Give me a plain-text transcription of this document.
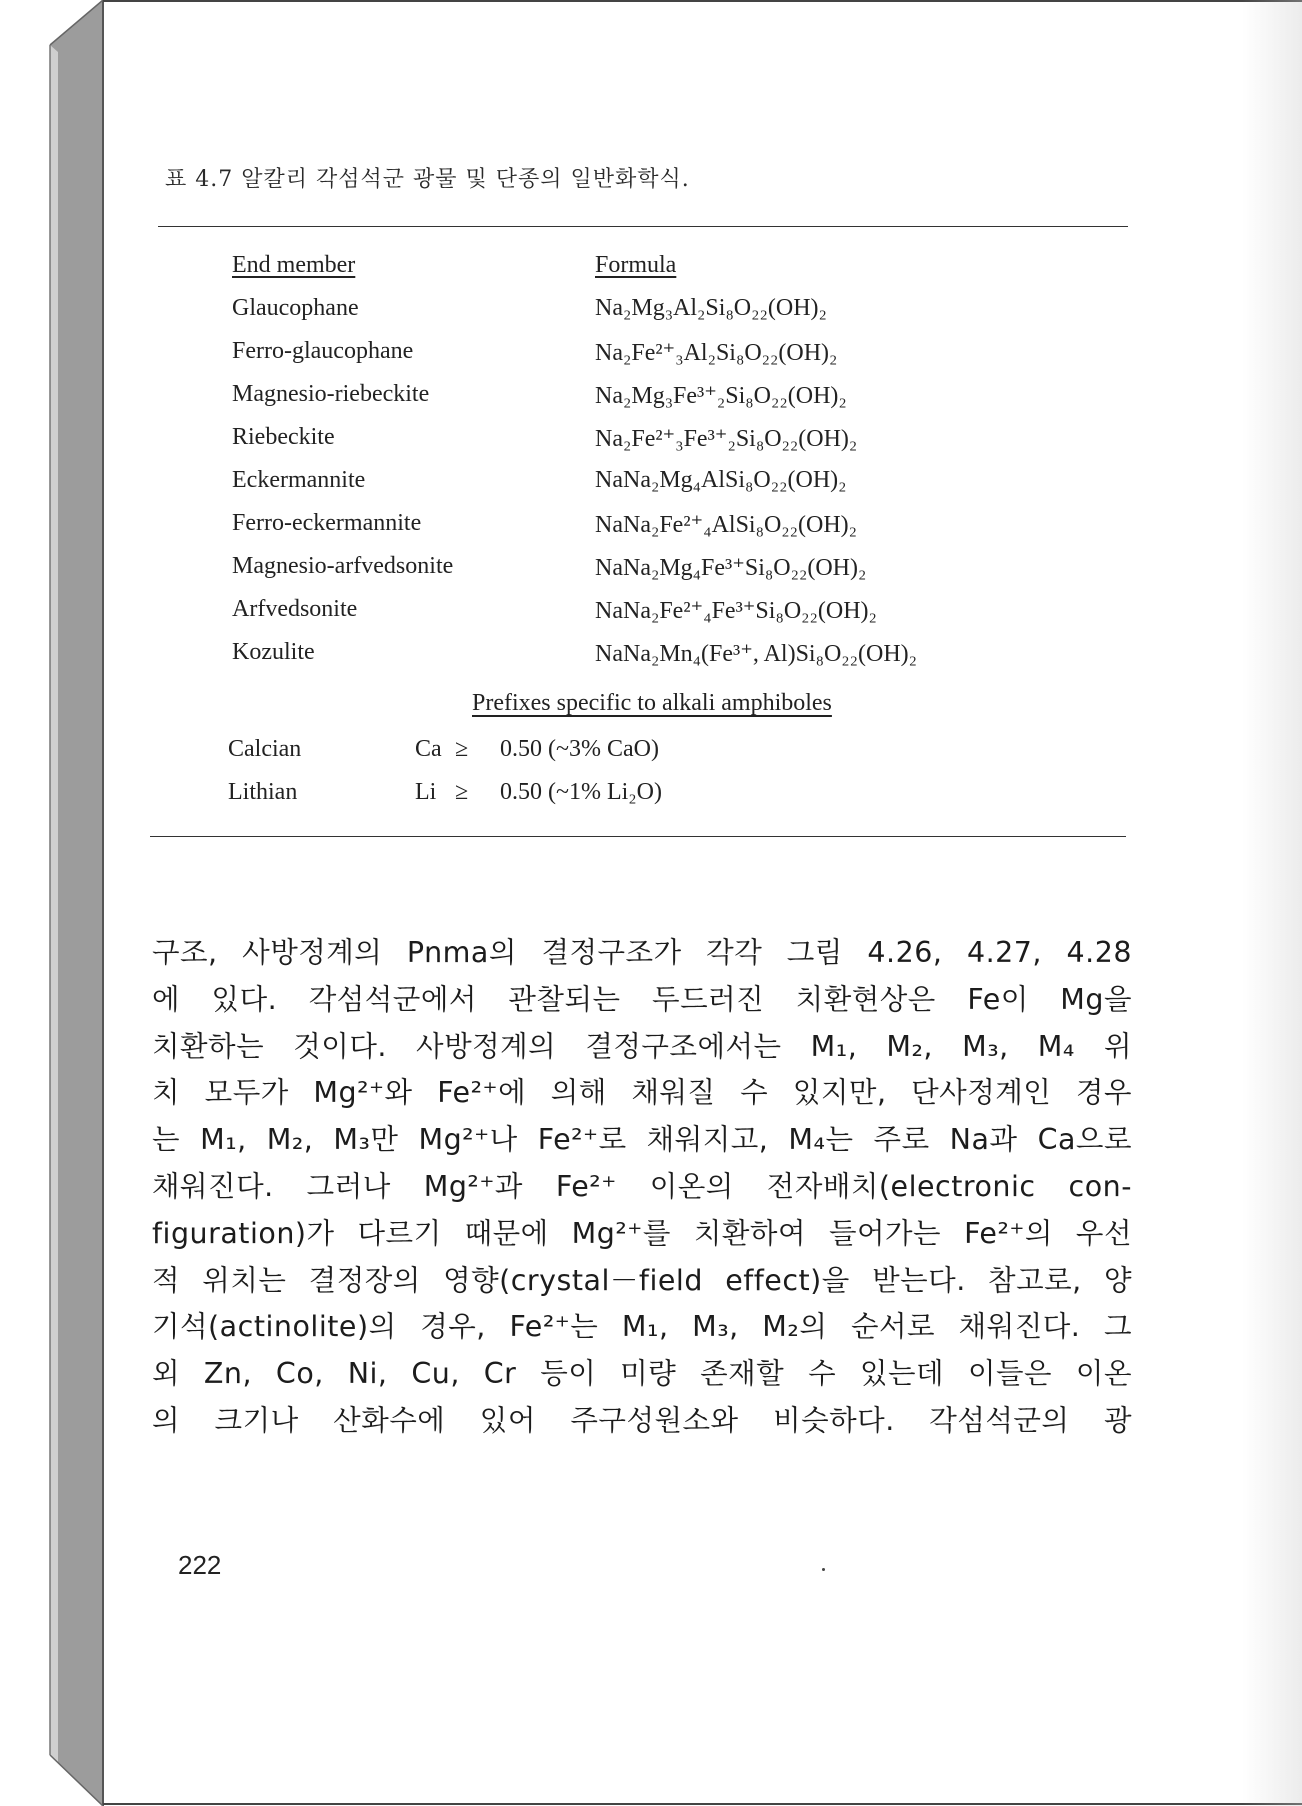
표 4.7 알칼리 각섬석군 광물 및 단종의 일반화학식.
End member	Formula
Glaucophane	Na₂Mg₃Al₂Si₈O₂₂(OH)₂
Ferro-glaucophane	Na₂Fe²⁺₃Al₂Si₈O₂₂(OH)₂
Magnesio-riebeckite	Na₂Mg₃Fe³⁺₂Si₈O₂₂(OH)₂
Riebeckite	Na₂Fe²⁺₃Fe³⁺₂Si₈O₂₂(OH)₂
Eckermannite	NaNa₂Mg₄AlSi₈O₂₂(OH)₂
Ferro-eckermannite	NaNa₂Fe²⁺₄AlSi₈O₂₂(OH)₂
Magnesio-arfvedsonite	NaNa₂Mg₄Fe³⁺Si₈O₂₂(OH)₂
Arfvedsonite	NaNa₂Fe²⁺₄Fe³⁺Si₈O₂₂(OH)₂
Kozulite	NaNa₂Mn₄(Fe³⁺, Al)Si₈O₂₂(OH)₂
Prefixes specific to alkali amphiboles
Calcian	Ca ≥ 0.50 (~3% CaO)
Lithian	Li ≥ 0.50 (~1% Li₂O)
구조, 사방정계의 Pnma의 결정구조가 각각 그림 4.26, 4.27, 4.28
에 있다. 각섬석군에서 관찰되는 두드러진 치환현상은 Fe이 Mg을
치환하는 것이다. 사방정계의 결정구조에서는 M₁, M₂, M₃, M₄ 위
치 모두가 Mg²⁺와 Fe²⁺에 의해 채워질 수 있지만, 단사정계인 경우
는 M₁, M₂, M₃만 Mg²⁺나 Fe²⁺로 채워지고, M₄는 주로 Na과 Ca으로
채워진다. 그러나 Mg²⁺과 Fe²⁺ 이온의 전자배치(electronic con-
figuration)가 다르기 때문에 Mg²⁺를 치환하여 들어가는 Fe²⁺의 우선
적 위치는 결정장의 영향(crystal－field effect)을 받는다. 참고로, 양
기석(actinolite)의 경우, Fe²⁺는 M₁, M₃, M₂의 순서로 채워진다. 그
외 Zn, Co, Ni, Cu, Cr 등이 미량 존재할 수 있는데 이들은 이온
의 크기나 산화수에 있어 주구성원소와 비슷하다. 각섬석군의 광
222
